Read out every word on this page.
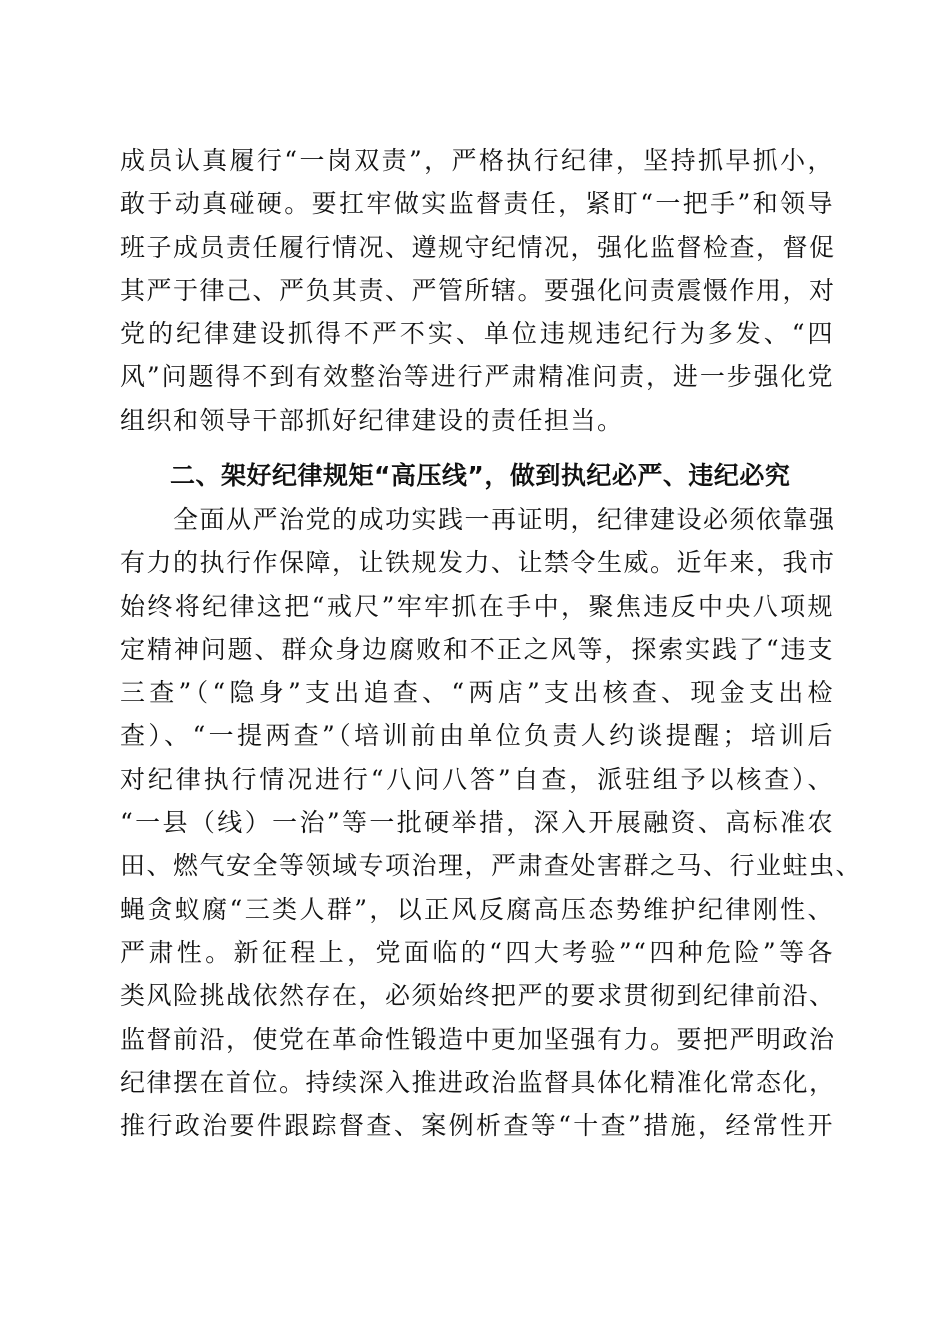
成员认真履行“一岗双责”，严格执行纪律，坚持抓早抓小，
敢于动真碰硬。要扛牢做实监督责任，紧盯“一把手”和领导
班子成员责任履行情况、遵规守纪情况，强化监督检查，督促
其严于律己、严负其责、严管所辖。要强化问责震慑作用，对
党的纪律建设抓得不严不实、单位违规违纪行为多发、“四
风”问题得不到有效整治等进行严肃精准问责，进一步强化党
组织和领导干部抓好纪律建设的责任担当。
二、架好纪律规矩“高压线”，做到执纪必严、违纪必究
　　全面从严治党的成功实践一再证明，纪律建设必须依靠强
有力的执行作保障，让铁规发力、让禁令生威。近年来，我市
始终将纪律这把“戒尺”牢牢抓在手中，聚焦违反中央八项规
定精神问题、群众身边腐败和不正之风等，探索实践了“违支
三查”（“隐身”支出追查、“两店”支出核查、现金支出检
查）、“一提两查”（培训前由单位负责人约谈提醒；培训后
对纪律执行情况进行“八问八答”自查，派驻组予以核查）、
“一县（线）一治”等一批硬举措，深入开展融资、高标准农
田、燃气安全等领域专项治理，严肃查处害群之马、行业蛀虫、
蝇贪蚁腐“三类人群”，以正风反腐高压态势维护纪律刚性、
严肃性。新征程上，党面临的“四大考验”“四种危险”等各
类风险挑战依然存在，必须始终把严的要求贯彻到纪律前沿、
监督前沿，使党在革命性锻造中更加坚强有力。要把严明政治
纪律摆在首位。持续深入推进政治监督具体化精准化常态化，
推行政治要件跟踪督查、案例析查等“十查”措施，经常性开
